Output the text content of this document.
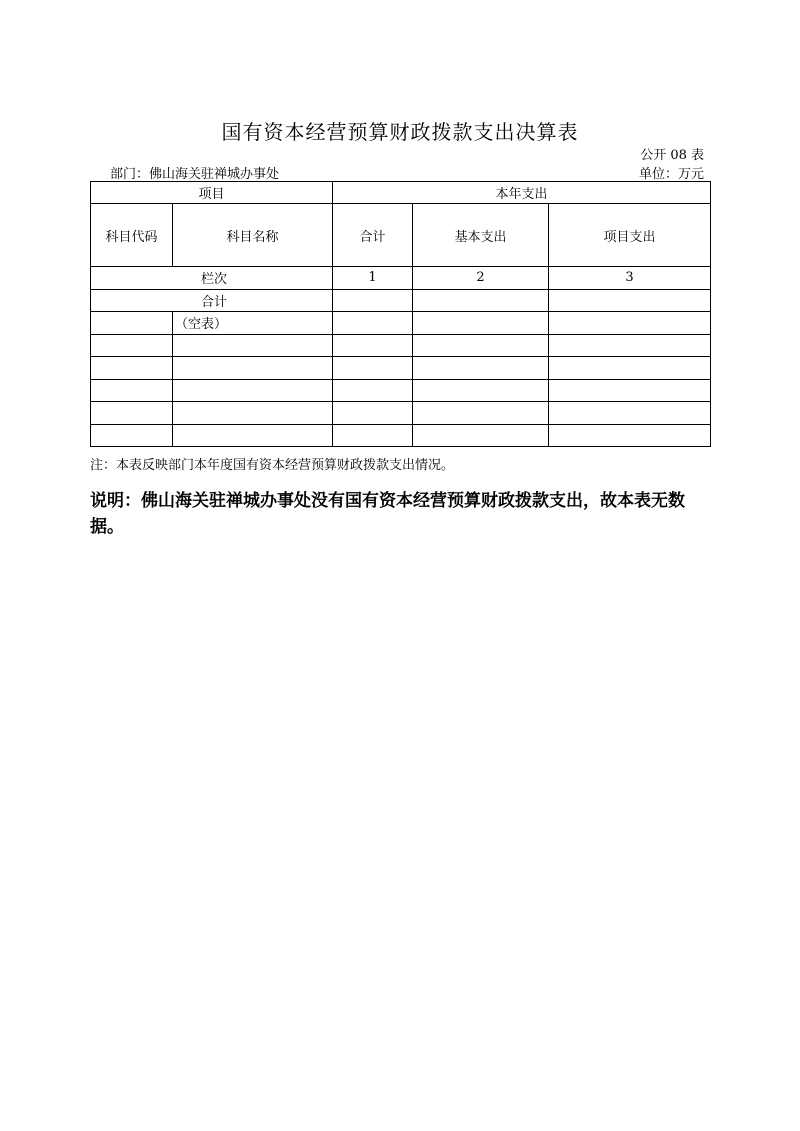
国有资本经营预算财政拨款支出决算表
公开 08 表
部门：佛山海关驻禅城办事处	单位：万元
项目		本年支出		
科目代码	科目名称	合计	基本支出	项目支出
栏次		1	2	3
合计				
	（空表）			

注：本表反映部门本年度国有资本经营预算财政拨款支出情况。
说明：佛山海关驻禅城办事处没有国有资本经营预算财政拨款支出，故本表无数据。
